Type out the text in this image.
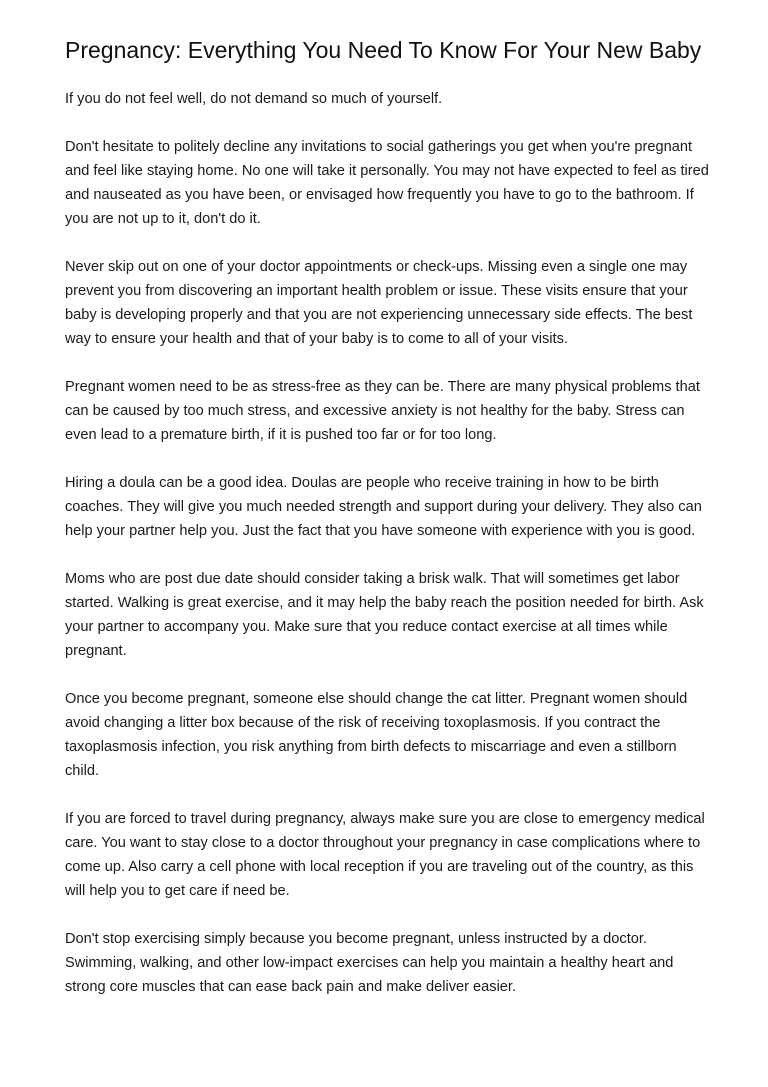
Pregnancy: Everything You Need To Know For Your New Baby

If you do not feel well, do not demand so much of yourself.

Don't hesitate to politely decline any invitations to social gatherings you get when you're pregnant and feel like staying home. No one will take it personally. You may not have expected to feel as tired and nauseated as you have been, or envisaged how frequently you have to go to the bathroom. If you are not up to it, don't do it.

Never skip out on one of your doctor appointments or check-ups. Missing even a single one may prevent you from discovering an important health problem or issue. These visits ensure that your baby is developing properly and that you are not experiencing unnecessary side effects. The best way to ensure your health and that of your baby is to come to all of your visits.

Pregnant women need to be as stress-free as they can be. There are many physical problems that can be caused by too much stress, and excessive anxiety is not healthy for the baby. Stress can even lead to a premature birth, if it is pushed too far or for too long.

Hiring a doula can be a good idea. Doulas are people who receive training in how to be birth coaches. They will give you much needed strength and support during your delivery. They also can help your partner help you. Just the fact that you have someone with experience with you is good.

Moms who are post due date should consider taking a brisk walk. That will sometimes get labor started. Walking is great exercise, and it may help the baby reach the position needed for birth. Ask your partner to accompany you. Make sure that you reduce contact exercise at all times while pregnant.

Once you become pregnant, someone else should change the cat litter. Pregnant women should avoid changing a litter box because of the risk of receiving toxoplasmosis. If you contract the taxoplasmosis infection, you risk anything from birth defects to miscarriage and even a stillborn child.

If you are forced to travel during pregnancy, always make sure you are close to emergency medical care. You want to stay close to a doctor throughout your pregnancy in case complications where to come up. Also carry a cell phone with local reception if you are traveling out of the country, as this will help you to get care if need be.

Don't stop exercising simply because you become pregnant, unless instructed by a doctor. Swimming, walking, and other low-impact exercises can help you maintain a healthy heart and strong core muscles that can ease back pain and make deliver easier.
